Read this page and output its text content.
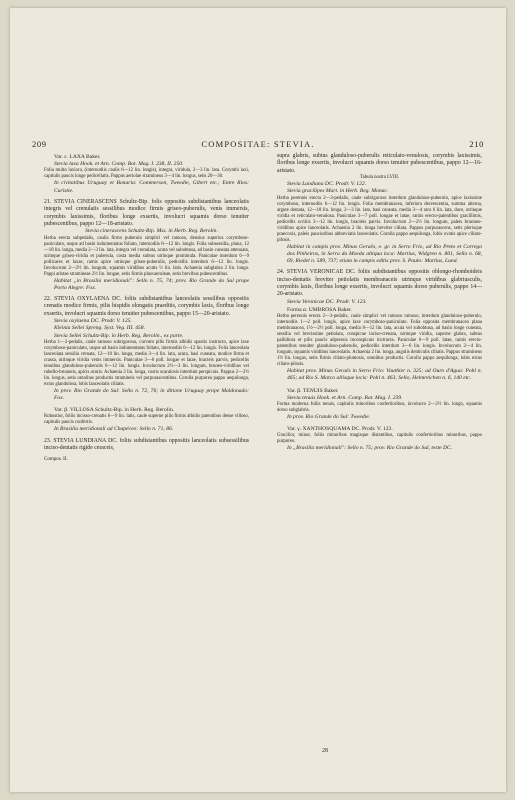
209	COMPOSITAE: STEVIA.	210

Var. ε. LAXA Baker.

Stevia laxa Hook. et Arn. Comp. Bot. Mag. I. 238, II. 250.

Folia multo laxiora, (internodiis caulis 6—12 lin. longis), integra, viridula, 2—3 lin. lata. Corymbi laxi, capitulis paucis longe pedicellatis. Pappus aeriolae stramineus 3—4 lin. longus, setis 20—30.

In civitatibus Uruguay et Bonaria: Commerson, Tweedie, Gibert etc.; Entre Rios: Curistie.

21. STEVIA CINERASCENS Schultz-Bip. folis oppositis subdistantibus lanceolatis integris vel crenulatis sessilibus modice firmis griseo-puberulis, venis immersis, corymbis laxissimis, floribus longe exsertis, involucri squamis dorso tenuiter pubescentibus, pappo 12—18-aristato.

Stevia cinerascens Schultz-Bip. Mss. in Herb. Reg. Berolin.

Herba erecta subpedalis, caulis firmo puberulo simplici vel ramoso, densius superius corymbose-paniculato, usque ad basin indumentatus foliato, internodiis 6—12 lin. longis. Folia subsessilia, plana, 12—18 lin. longa, media 2—3 lin. lata, integra vel crenulata, acuta vel subobtusa, ad basin cuneata attenuata, utrinque griseo-viridia et puberula, costa media subtus utrinque prominula. Paniculae interdum 6—9 pollicares et laxae, ramis apice utrinque griseo-puberulis, pedicellis interdum 6—12 lin. longis. Involucrum 2—2½ lin. longum, squamis viridibus acutis ½ lin. latis. Achaenia subglabra 2 lin. longa. Pappi aristae stramineae 2½ lin. longae, setis firmis pluscaeruleae, setis brevibus pubescentibus.

Habitat „in Brasilia meridionali": Sello n. 75, 74; prov. Rio Grande do Sul prope Porto Alegre: Fox.

22. STEVIA OXYLAENA DC. foliis subdistantibus lanceolatis sessilibus oppositis crenatis modice firmis, pilis hispidis elongatis praeditis, corymbis laxis, floribus longe exsertis, involucri squamis dorso tenuiter pubescentibus, pappo 15—20-aristato.

Stevia oxylaena DC. Prodr. V. 125.

Kleinia Sellei Spreng. Syst. Veg. III. 458.

Stevia Sellei Schultz-Bip. in Herb. Reg. Berolin., ex parte.

Herba 1—2-pedalis, caule ramoso subrigoroso, curvum pilis firmis albidis sparsis instructo, apice laxe corymboso-paniculato, usque ad basin indumentatus foliato, internodiis 6—12 lin. longis. Folia lanceolata lanceolata sessilia crenata, 12—18 lin. longa, media 3—4 lin. lata, acuta, basi cuneata, modice firma et crassa, utrinque viridia venis immersis. Paniculae 3—6 poll. longae et latae, bracteis parvis, pedicellis tenuibus glanduloso-puberulis 6—12 lin. longis. Involucrum 2½—3 lin. longum, bruneo-viridibus vel rubello-brunneis, apicis acutis. Achaenia 2 lin. longa, costis scarulosis interdum perspicuis. Pappus 2—2½ lin. longus, setis omnibus productis stramineis vel purpurascentibus. Corolla purpurea pappo aequilonga, extus glandulosa, lobis lanceolatis ciliatis.

In prov. Rio Grande do Sul: Sello n. 72, 76; in ditione Uruguay prope Maldonado: Fox.

Var. β. VILLOSA Schultz-Bip. in Herb. Reg. Berolin.

Robustior, foliis incisso-crenatis 6—9 lin. latis, caule superne pilis firmis albidis patentibus dense villoso, capitulis paucis confertis.

In Brasilia meridionali ad Chapéceo: Sello n. 71, 86.

23. STEVIA LUNDIANA DC. foliis subdistantibus oppositis lanceolatis subsessilibus inciso-dentatis rigide ceraceis,

Compos. II.

supra glabris, subtus glanduloso-puberulis reticulato-venulosis, corymbis laxissimis, floribus longe exsertis, involucri squamis dorso tenuiter pubescentibus, pappo 12—16-aristato.

Tabula nostra LVIII.

Stevia Lundiana DC. Prodr. V. 122.

Stevia gracilipes Mart. in Herb. Reg. Monac.

Herba perennis erecta 2—3-pedalis, caule subrigoroso interdum glanduloso-puberulo, apice laxissime corymboso, internodiis 6—12 lin. longis. Folia membranacea, inferiora decrescentia, summa alterna, argute dentata, 12—18 lin. longa, 2—3 lin. lata, basi cuneata, media 3—4 raro 6 lin. lata, duce, utrinque viridia et reticulato-venulosa. Paniculae 3—7 poll. longae et latae, ramis erecto-patentibus gracillimis, pedicellis scriiiis 3—12 lin. longis, bracteis parvis. Involucrum 2—2½ lin. longum, paleis brunneo-viridibus apice lanceolatis. Achaenia 2 lin. longa breviter ciliata. Pappus purpurascens, setis plerisque praecoxis, paleis paucioribus abbreviatis lanceolatis. Corolla pappo aequilonga, lobis ovatis apice ciliato-pilosis.

Habitat in campis prov. Minas Geraës, e. gr. in Serro Frio, ad Rio Preto et Corrego dos Pinheiros, in Serra da Moeda altiqua loca: Martius, Widgren n. 801, Sello n. 68, 69, Riedel n. 589, 737; etiam in campis editis prov. S. Paulo: Martius, Lund.

24. STEVIA VERONICAE DC. foliis subdistantibus oppositis oblongo-rhomboideis inciso-dentatis breviter petiolatis membranaceis utrinque viridibus glabriusculis, corymbis laxis, floribus longe exsertis, involucri squamis dorso puberulis, pappo 14—20-aristato.

Stevia Veronicae DC. Prodr. V. 123.

Forma α. UMBROSA Baker.

Herba perennis erecta 2—3-pedalis, caule simplici vel ramoso ramoso, interdum glanduloso-puberulo, internodiis 1—2 poll. longis, apice laxe corymboso-paniculato. Folia opposita membranacea plana membranacea, 1½—2½ poll. longa, media 8—12 lin. lata, acuta vel subobtusa, ad basin longe cuneata, sessilia vel brevissime petiolata, conspicue inciso-crenata, utrinque viridia, superne glabra, subtus pallidiora et pilis paucis adpressis inconspicuis inctructa. Paniculae 6—9 poll. latae, ramis erecto-patentibus tenuiter glanduloso-puberulis, pedicellis interdum 3—6 lin. longis. Involucrum 2—4 lin. longum, squamis viridibus lanceolatis. Achaenia 2 lin. longa, angulis denticulis ciliatis. Pappus stramineus 1½ lin. longus, setis firmis ciliato-plumosis, omnibus productis. Corolla pappo aequilonga, lobis extus ciliato-pilosis.

Habitat prov. Minas Geraës in Serro Frio: Vauthier n. 325; ad Ouro d'Agua: Pohl n. 465; ad Rio S. Marco allisque locis: Pohl n. 463, Sello, Helmreichen n. 6, 140 etc.

Var. β. TENUIS Baker.

Stevia tenuis Hook. et Arn. Comp. Bot. Mag. I. 239.

Forma moderna foliis tenuis, capitulis minoribus confertioribus, involucro 2—2½ lin. longo, squamis dorso subglabris.

In prov. Rio Grande do Sul: Tweedie.

Var. γ. XANTHOSQUAMA DC. Prodr. V. 123.

Gracilior, minor, foliis minoribus magisque distantibus, capitulis confertioribus minoribus, pappo purpureo.

In „Brasilia meridionali": Sello n. 75; prov. Rio Grande do Sul, teste DC.

28
